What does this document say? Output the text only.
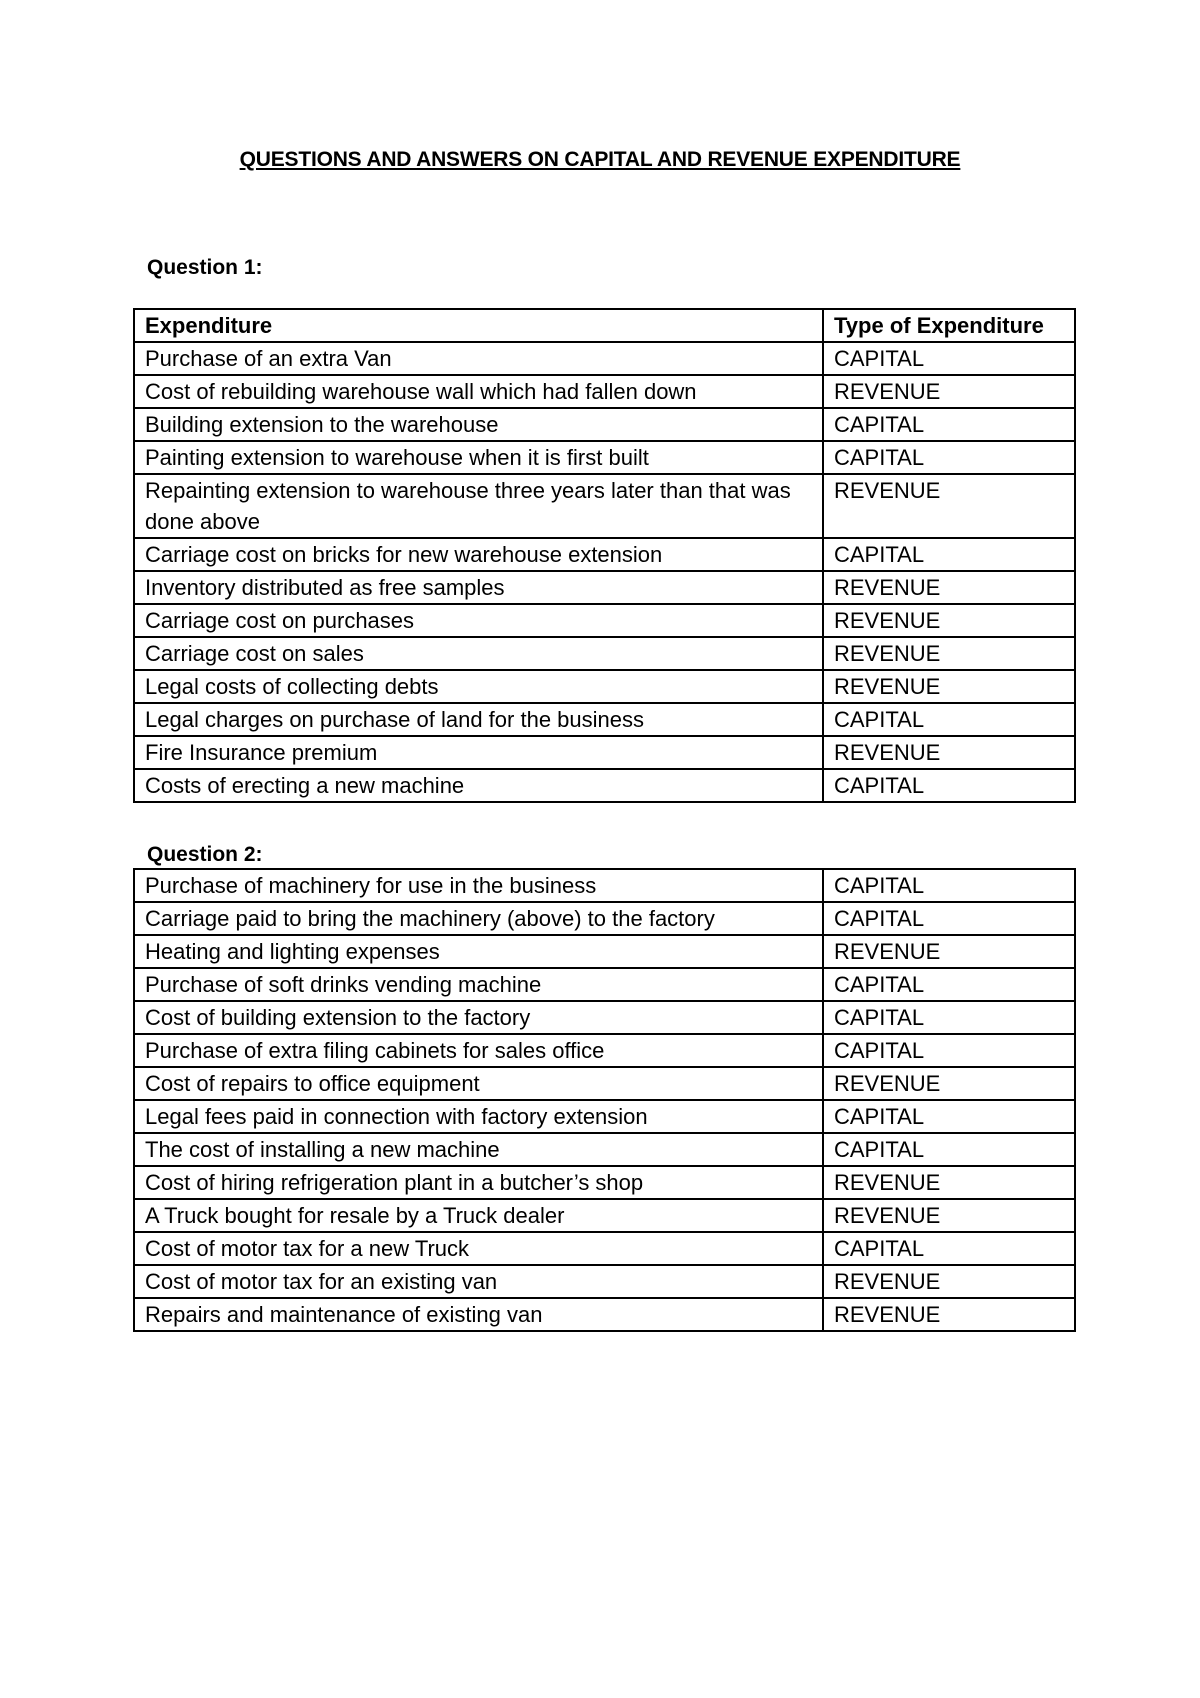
QUESTIONS AND ANSWERS ON CAPITAL AND REVENUE EXPENDITURE
Question 1:
Expenditure	Type of Expenditure
Purchase of an extra Van	CAPITAL
Cost of rebuilding warehouse wall which had fallen down	REVENUE
Building extension to the warehouse	CAPITAL
Painting extension to warehouse when it is first built	CAPITAL
Repainting extension to warehouse three years later than that was done above	REVENUE
Carriage cost on bricks for new warehouse extension	CAPITAL
Inventory distributed as free samples	REVENUE
Carriage cost on purchases	REVENUE
Carriage cost on sales	REVENUE
Legal costs of collecting debts	REVENUE
Legal charges on purchase of land for the business	CAPITAL
Fire Insurance premium	REVENUE
Costs of erecting a new machine	CAPITAL
Question 2:
Purchase of machinery for use in the business	CAPITAL
Carriage paid to bring the machinery (above) to the factory	CAPITAL
Heating and lighting expenses	REVENUE
Purchase of soft drinks vending machine	CAPITAL
Cost of building extension to the factory	CAPITAL
Purchase of extra filing cabinets for sales office	CAPITAL
Cost of repairs to office equipment	REVENUE
Legal fees paid in connection with factory extension	CAPITAL
The cost of installing a new machine	CAPITAL
Cost of hiring refrigeration plant in a butcher’s shop	REVENUE
A Truck bought for resale by a Truck dealer	REVENUE
Cost of motor tax for a new Truck	CAPITAL
Cost of motor tax for an existing van	REVENUE
Repairs and maintenance of existing van	REVENUE
